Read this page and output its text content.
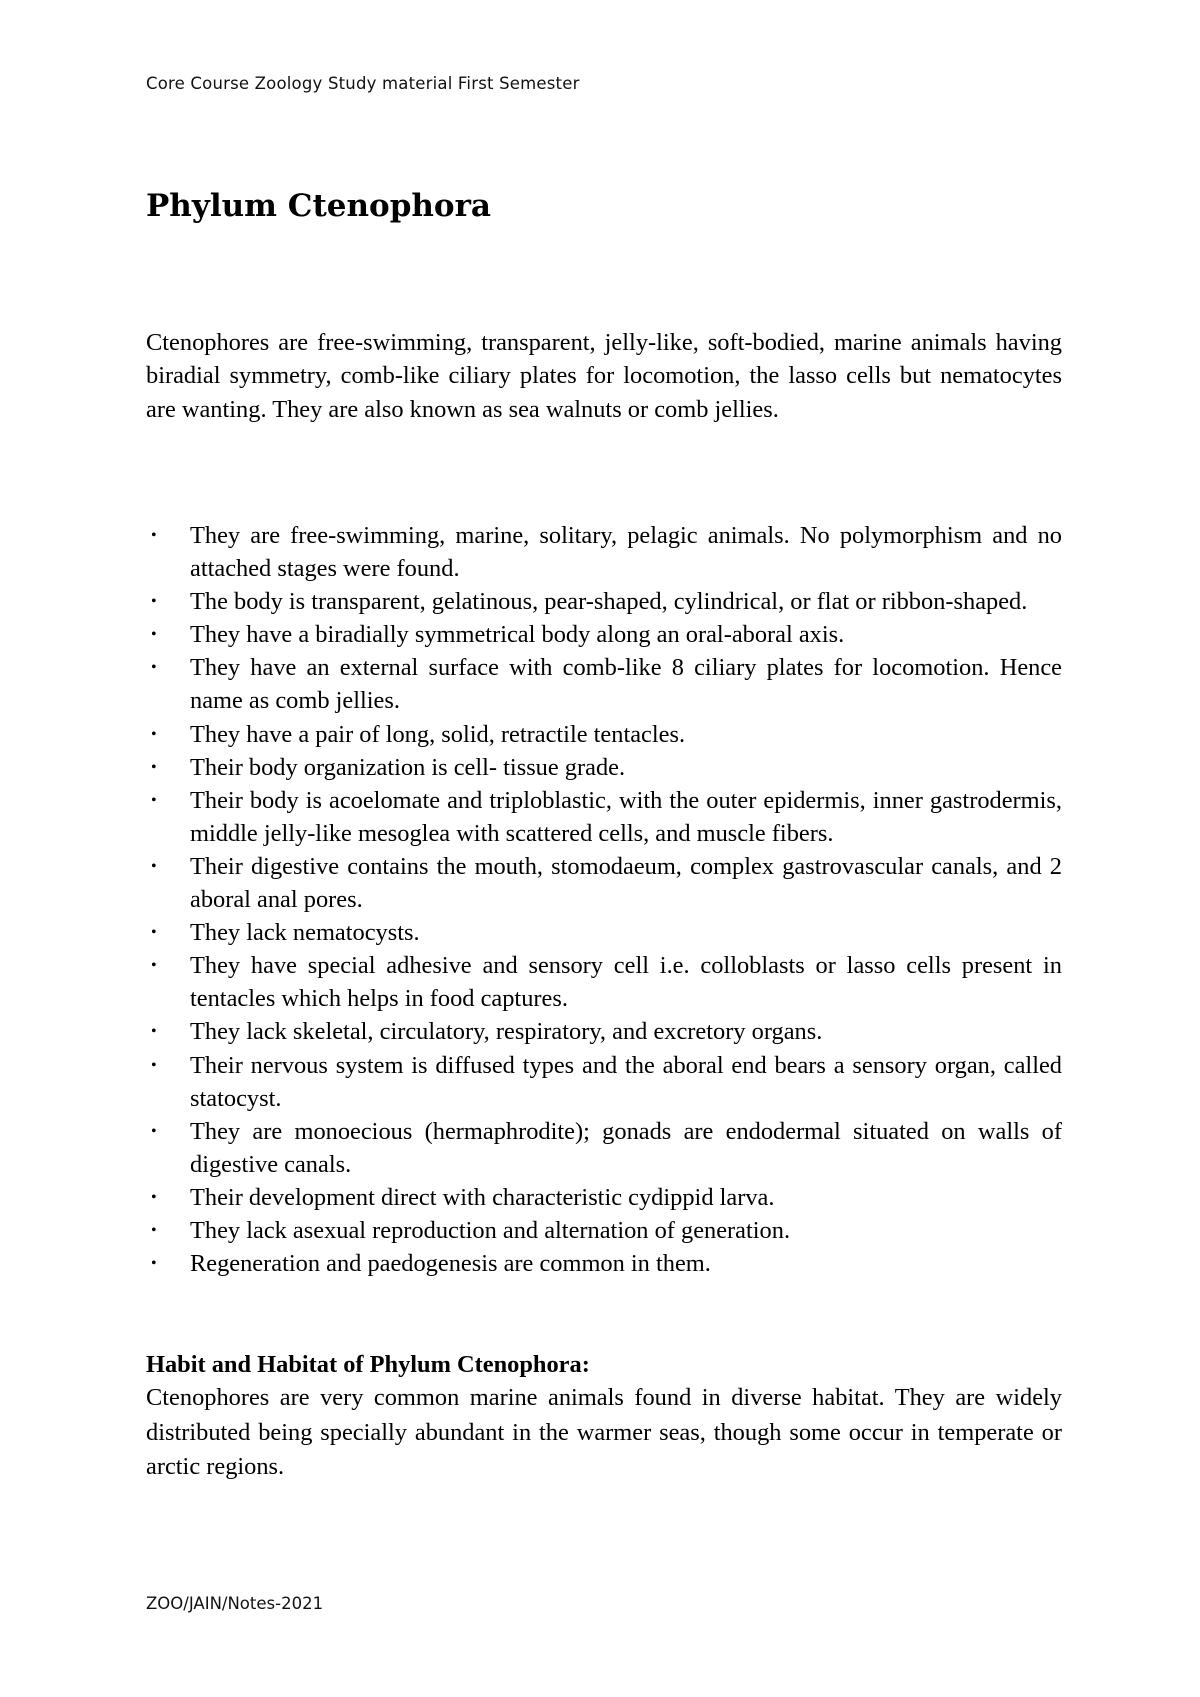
Core Course Zoology Study material First Semester
Phylum Ctenophora

Ctenophores are free-swimming, transparent, jelly-like, soft-bodied, marine animals having biradial symmetry, comb-like ciliary plates for locomotion, the lasso cells but nematocytes are wanting. They are also known as sea walnuts or comb jellies.

• They are free-swimming, marine, solitary, pelagic animals. No polymorphism and no attached stages were found.
• The body is transparent, gelatinous, pear-shaped, cylindrical, or flat or ribbon-shaped.
• They have a biradially symmetrical body along an oral-aboral axis.
• They have an external surface with comb-like 8 ciliary plates for locomotion. Hence name as comb jellies.
• They have a pair of long, solid, retractile tentacles.
• Their body organization is cell- tissue grade.
• Their body is acoelomate and triploblastic, with the outer epidermis, inner gastrodermis, middle jelly-like mesoglea with scattered cells, and muscle fibers.
• Their digestive contains the mouth, stomodaeum, complex gastrovascular canals, and 2 aboral anal pores.
• They lack nematocysts.
• They have special adhesive and sensory cell i.e. colloblasts or lasso cells present in tentacles which helps in food captures.
• They lack skeletal, circulatory, respiratory, and excretory organs.
• Their nervous system is diffused types and the aboral end bears a sensory organ, called statocyst.
• They are monoecious (hermaphrodite); gonads are endodermal situated on walls of digestive canals.
• Their development direct with characteristic cydippid larva.
• They lack asexual reproduction and alternation of generation.
• Regeneration and paedogenesis are common in them.

Habit and Habitat of Phylum Ctenophora:

Ctenophores are very common marine animals found in diverse habitat. They are widely distributed being specially abundant in the warmer seas, though some occur in temperate or arctic regions.

ZOO/JAIN/Notes-2021
